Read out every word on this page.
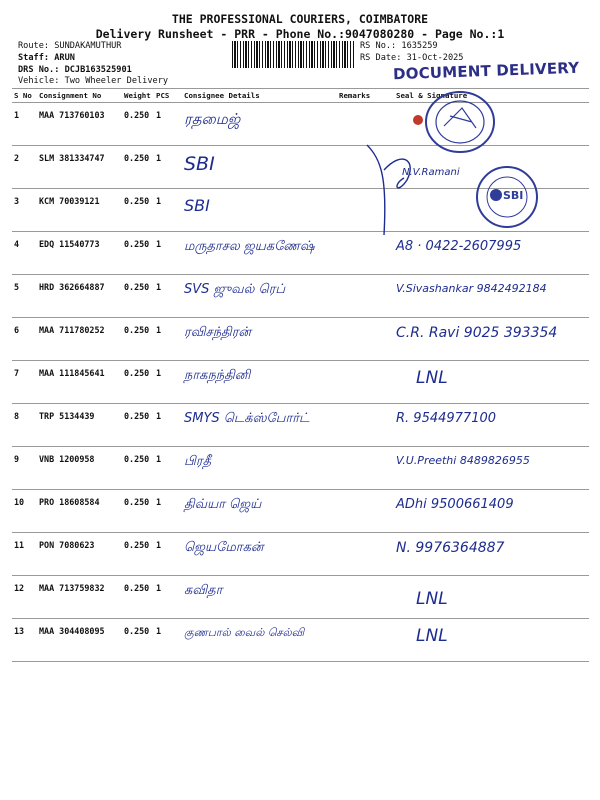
THE PROFESSIONAL COURIERS, COIMBATORE
Delivery Runsheet - PRR - Phone No.:9047080280 - Page No.:1
Route: SUNDAKAMUTHUR
Staff: ARUN
DRS No.: DCJB163525901
Vehicle: Two Wheeler Delivery
RS No.: 1635259
RS Date: 31-Oct-2025
DOCUMENT DELIVERY
S No	Consignment No	Weight	PCS	Consignee Details	Remarks	Seal & Signature
1	MAA 713760103	0.250	1	ரதமைஜ்		
2	SLM 381334747	0.250	1	SBI		N.V.Ramani
3	KCM 70039121	0.250	1	SBI		
4	EDQ 11540773	0.250	1	மருதாசல ஜயகணேஷ்		A8 · 0422-2607995
5	HRD 362664887	0.250	1	SVS ஜுவல் ரெப்		V.Sivashankar 9842492184
6	MAA 711780252	0.250	1	ரவிசந்திரன்		C.R. Ravi 9025 393354
7	MAA 111845641	0.250	1	நாகநந்தினி		LNL
8	TRP 5134439	0.250	1	SMYS டெக்ஸ்போர்ட்		R. 9544977100
9	VNB 1200958	0.250	1	பிரதீ		V.U.Preethi 8489826955
10	PRO 18608584	0.250	1	திவ்யா ஜெய்		ADhi 9500661409
11	PON 7080623	0.250	1	ஜெயமோகன்		N. 9976364887
12	MAA 713759832	0.250	1	கவிதா		LNL
13	MAA 304408095	0.250	1	குணபால் வைல் செல்வி		LNL
SBI
